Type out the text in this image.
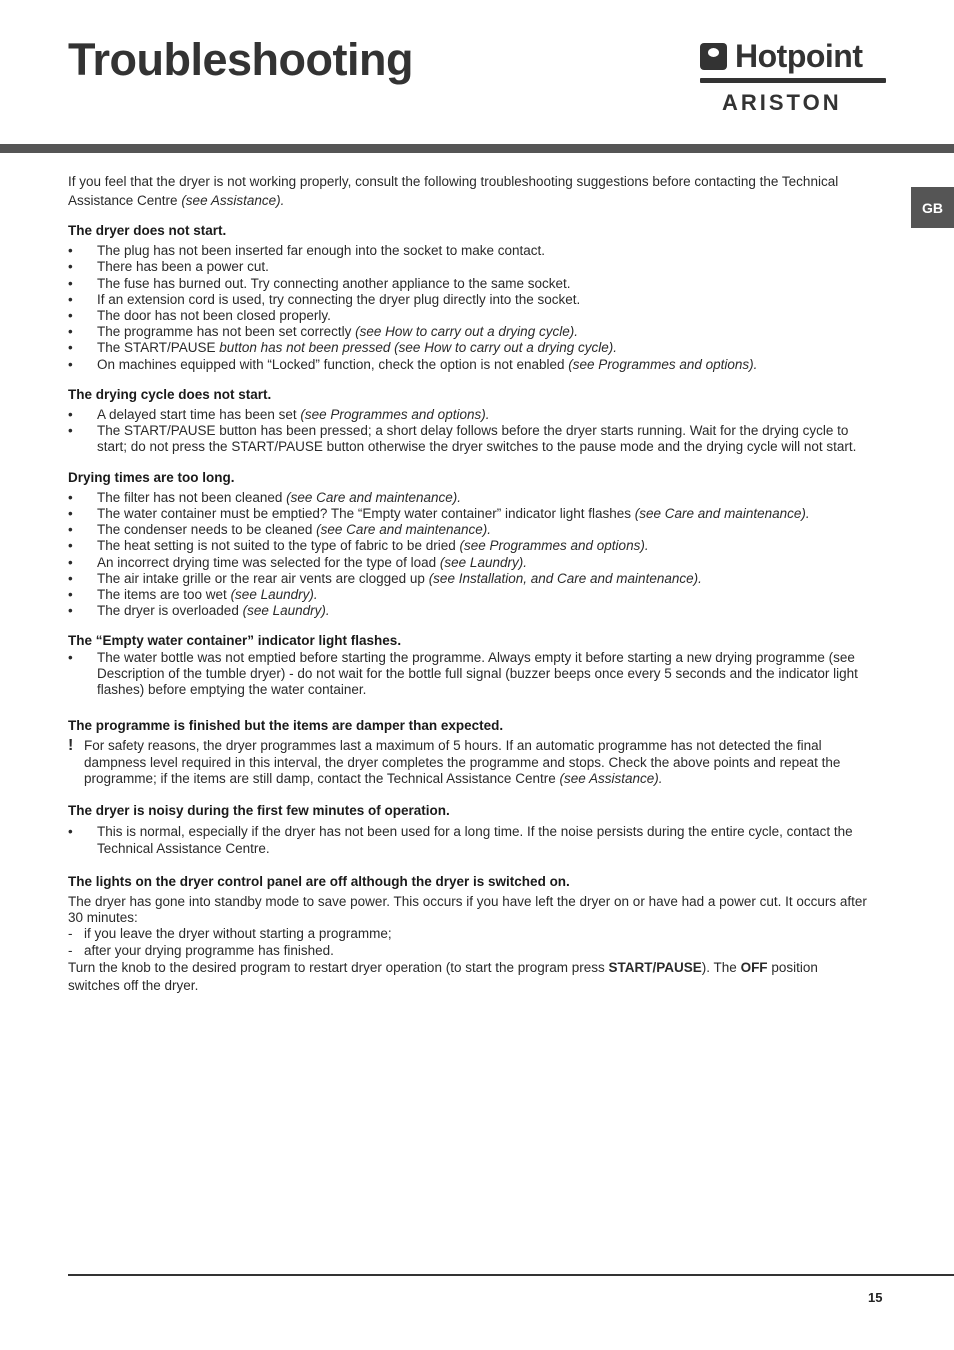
Troubleshooting	Hotpoint
ARISTON
GB

If you feel that the dryer is not working properly, consult the following troubleshooting suggestions before contacting the Technical Assistance Centre (see Assistance).

The dryer does not start.

• The plug has not been inserted far enough into the socket to make contact.
• There has been a power cut.
• The fuse has burned out. Try connecting another appliance to the same socket.
• If an extension cord is used, try connecting the dryer plug directly into the socket.
• The door has not been closed properly.
• The programme has not been set correctly (see How to carry out a drying cycle).
• The START/PAUSE button has not been pressed (see How to carry out a drying cycle).
• On machines equipped with “Locked” function, check the option is not enabled (see Programmes and options).

The drying cycle does not start.

• A delayed start time has been set (see Programmes and options).
• The START/PAUSE button has been pressed; a short delay follows before the dryer starts running. Wait for the drying cycle to start; do not press the START/PAUSE button otherwise the dryer switches to the pause mode and the drying cycle will not start.

Drying times are too long.

• The filter has not been cleaned (see Care and maintenance).
• The water container must be emptied? The “Empty water container” indicator light flashes (see Care and maintenance).
• The condenser needs to be cleaned (see Care and maintenance).
• The heat setting is not suited to the type of fabric to be dried (see Programmes and options).
• An incorrect drying time was selected for the type of load (see Laundry).
• The air intake grille or the rear air vents are clogged up (see Installation, and Care and maintenance).
• The items are too wet (see Laundry).
• The dryer is overloaded (see Laundry).

The “Empty water container” indicator light flashes.

• The water bottle was not emptied before starting the programme. Always empty it before starting a new drying programme (see Description of the tumble dryer) - do not wait for the bottle full signal (buzzer beeps once every 5 seconds and the indicator light flashes) before emptying the water container.

The programme is finished but the items are damper than expected.

! For safety reasons, the dryer programmes last a maximum of 5 hours. If an automatic programme has not detected the final dampness level required in this interval, the dryer completes the programme and stops. Check the above points and repeat the programme; if the items are still damp, contact the Technical Assistance Centre (see Assistance).

The dryer is noisy during the first few minutes of operation.

• This is normal, especially if the dryer has not been used for a long time. If the noise persists during the entire cycle, contact the Technical Assistance Centre.

The lights on the dryer control panel are off although the dryer is switched on.

The dryer has gone into standby mode to save power. This occurs if you have left the dryer on or have had a power cut. It occurs after 30 minutes:

- if you leave the dryer without starting a programme;

- after your drying programme has finished.

Turn the knob to the desired program to restart dryer operation (to start the program press START/PAUSE). The OFF position switches off the dryer.

15
